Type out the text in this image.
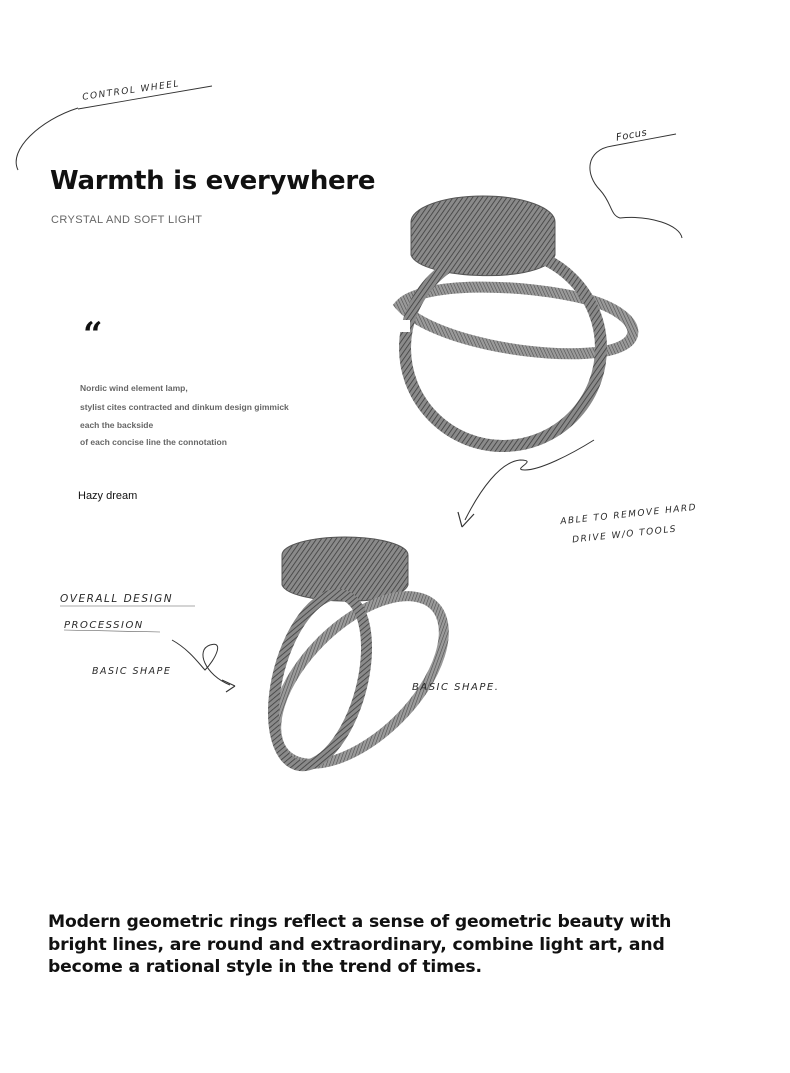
Warmth is everywhere

CRYSTAL AND SOFT LIGHT

“

Nordic wind element lamp,

stylist cites contracted and dinkum design gimmick

each the backside

of each concise line the connotation

Hazy dream

CONTROL WHEEL

Focus

ABLE TO REMOVE HARD

DRIVE W/O TOOLS

OVERALL DESIGN

PROCESSION

BASIC SHAPE

BASIC SHAPE.

Modern geometric rings reflect a sense of geometric beauty with bright lines, are round and extraordinary, combine light art, and become a rational style in the trend of times.
